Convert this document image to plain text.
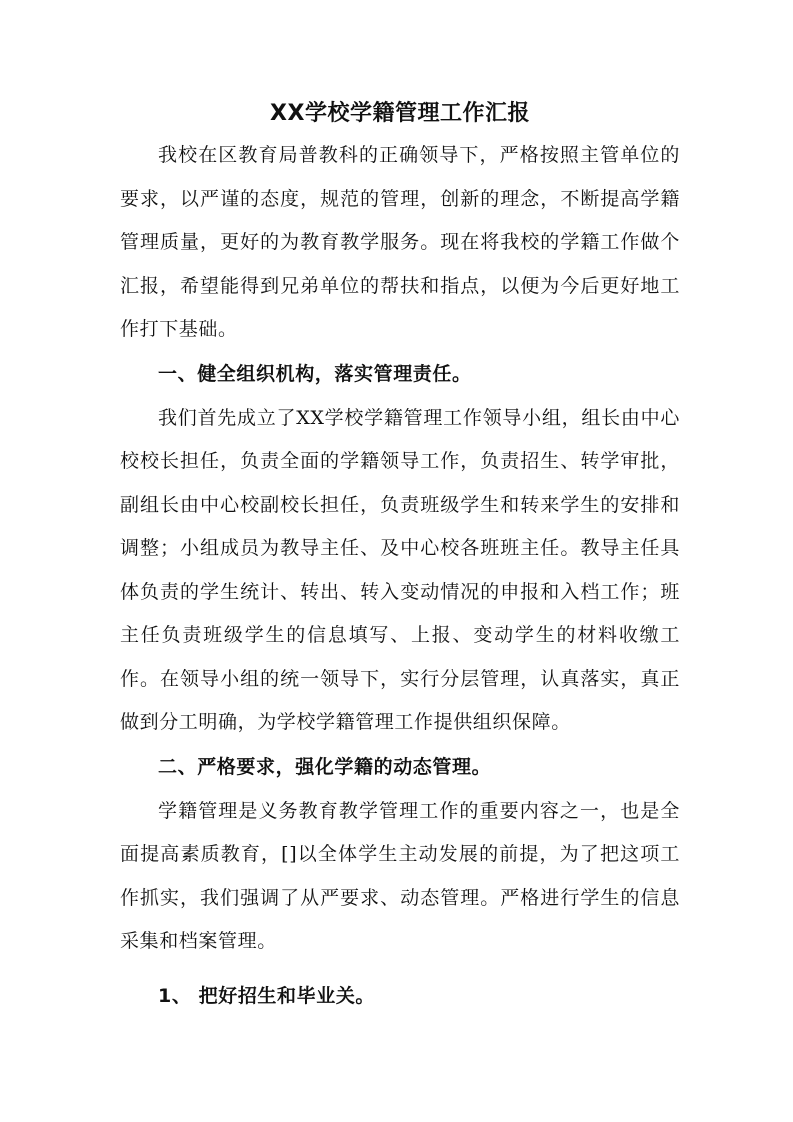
XX学校学籍管理工作汇报

我校在区教育局普教科的正确领导下，严格按照主管单位的要求，以严谨的态度，规范的管理，创新的理念，不断提高学籍管理质量，更好的为教育教学服务。现在将我校的学籍工作做个汇报，希望能得到兄弟单位的帮扶和指点，以便为今后更好地工作打下基础。

一、健全组织机构，落实管理责任。

我们首先成立了XX学校学籍管理工作领导小组，组长由中心校校长担任，负责全面的学籍领导工作，负责招生、转学审批，副组长由中心校副校长担任，负责班级学生和转来学生的安排和调整；小组成员为教导主任、及中心校各班班主任。教导主任具体负责的学生统计、转出、转入变动情况的申报和入档工作；班主任负责班级学生的信息填写、上报、变动学生的材料收缴工作。在领导小组的统一领导下，实行分层管理，认真落实，真正做到分工明确，为学校学籍管理工作提供组织保障。

二、严格要求，强化学籍的动态管理。

学籍管理是义务教育教学管理工作的重要内容之一，也是全面提高素质教育，[]以全体学生主动发展的前提，为了把这项工作抓实，我们强调了从严要求、动态管理。严格进行学生的信息采集和档案管理。

1、 把好招生和毕业关。
